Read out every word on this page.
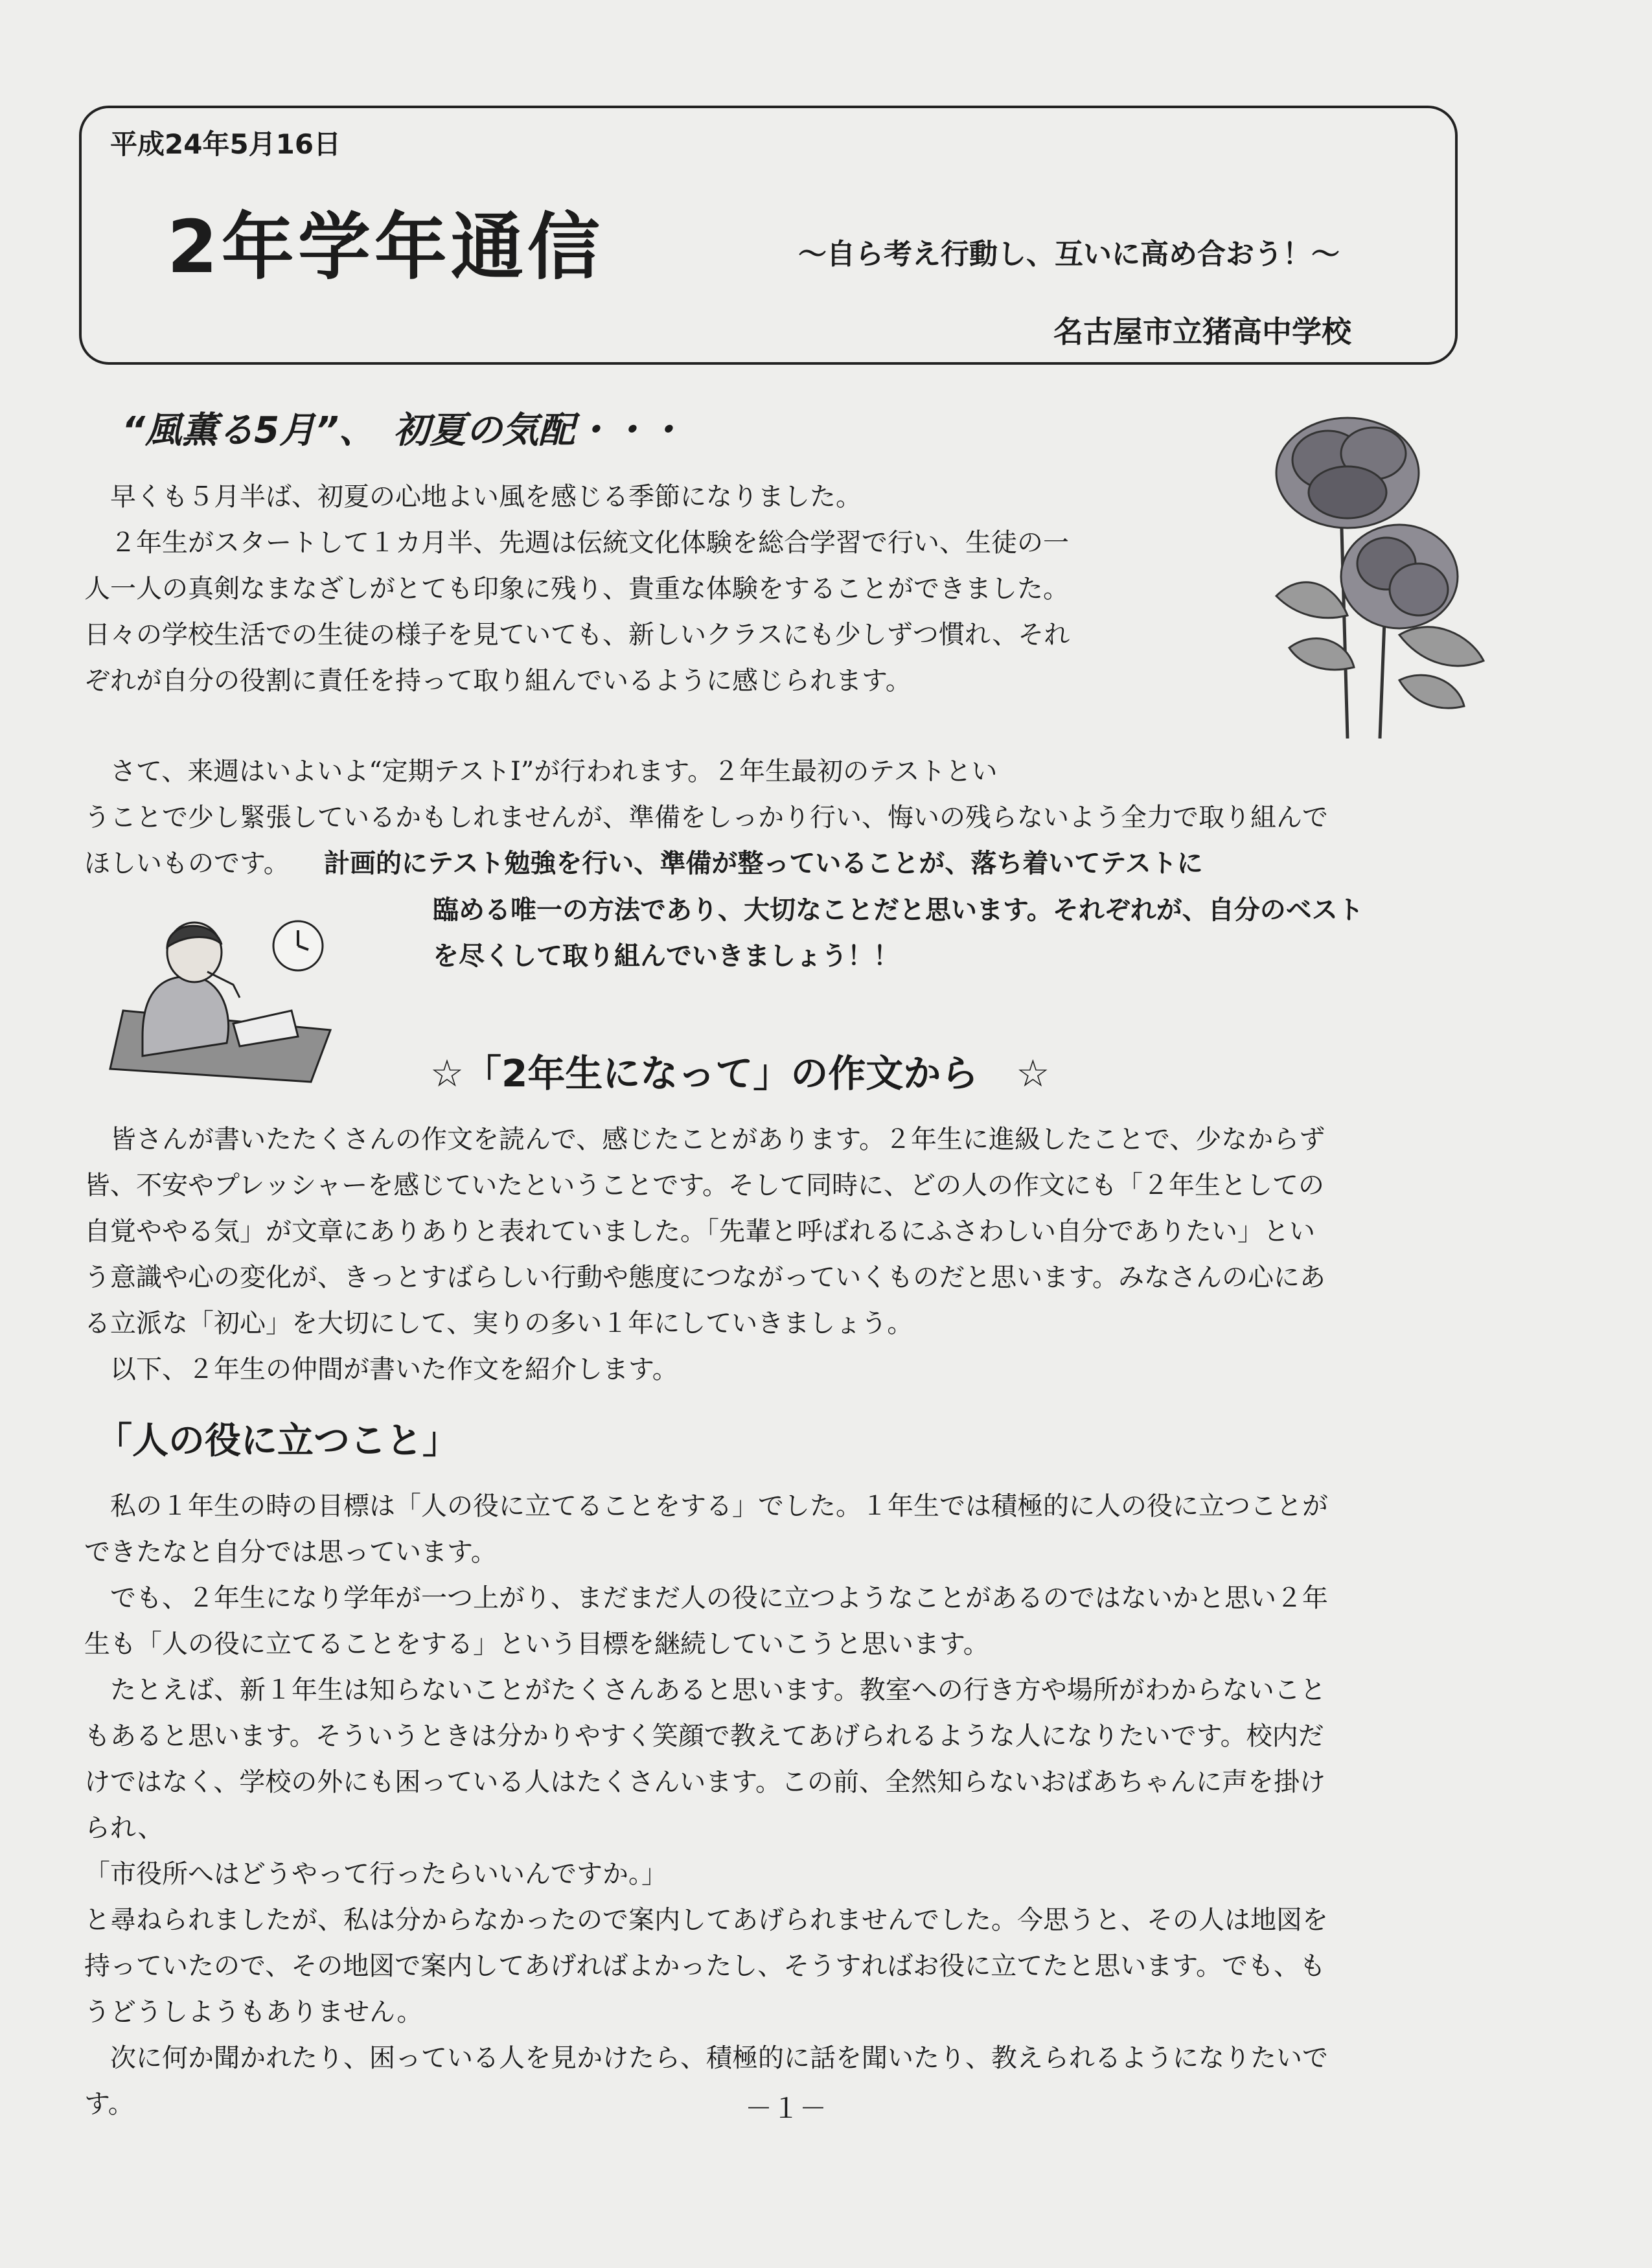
平成24年5月16日
2年学年通信	～自ら考え行動し、互いに高め合おう！～
名古屋市立猪高中学校
“風薫る5月”、　初夏の気配・・・
　早くも５月半ば、初夏の心地よい風を感じる季節になりました。
　２年生がスタートして１カ月半、先週は伝統文化体験を総合学習で行い、生徒の一
人一人の真剣なまなざしがとても印象に残り、貴重な体験をすることができました。
日々の学校生活での生徒の様子を見ていても、新しいクラスにも少しずつ慣れ、それ
ぞれが自分の役割に責任を持って取り組んでいるように感じられます。
　さて、来週はいよいよ“定期テストⅠ”が行われます。２年生最初のテストとい
うことで少し緊張しているかもしれませんが、準備をしっかり行い、悔いの残らないよう全力で取り組んで
ほしいものです。	計画的にテスト勉強を行い、準備が整っていることが、落ち着いてテストに
臨める唯一の方法であり、大切なことだと思います。それぞれが、自分のベスト
を尽くして取り組んでいきましょう！！
☆「2年生になって」の作文から　☆
　皆さんが書いたたくさんの作文を読んで、感じたことがあります。２年生に進級したことで、少なからず
皆、不安やプレッシャーを感じていたということです。そして同時に、どの人の作文にも「２年生としての
自覚ややる気」が文章にありありと表れていました。「先輩と呼ばれるにふさわしい自分でありたい」とい
う意識や心の変化が、きっとすばらしい行動や態度につながっていくものだと思います。みなさんの心にあ
る立派な「初心」を大切にして、実りの多い１年にしていきましょう。
　以下、２年生の仲間が書いた作文を紹介します。
「人の役に立つこと」
　私の１年生の時の目標は「人の役に立てることをする」でした。１年生では積極的に人の役に立つことが
できたなと自分では思っています。
　でも、２年生になり学年が一つ上がり、まだまだ人の役に立つようなことがあるのではないかと思い２年
生も「人の役に立てることをする」という目標を継続していこうと思います。
　たとえば、新１年生は知らないことがたくさんあると思います。教室への行き方や場所がわからないこと
もあると思います。そういうときは分かりやすく笑顔で教えてあげられるような人になりたいです。校内だ
けではなく、学校の外にも困っている人はたくさんいます。この前、全然知らないおばあちゃんに声を掛け
られ、
「市役所へはどうやって行ったらいいんですか。」
と尋ねられましたが、私は分からなかったので案内してあげられませんでした。今思うと、その人は地図を
持っていたので、その地図で案内してあげればよかったし、そうすればお役に立てたと思います。でも、も
うどうしようもありません。
　次に何か聞かれたり、困っている人を見かけたら、積極的に話を聞いたり、教えられるようになりたいで
す。	－１－
